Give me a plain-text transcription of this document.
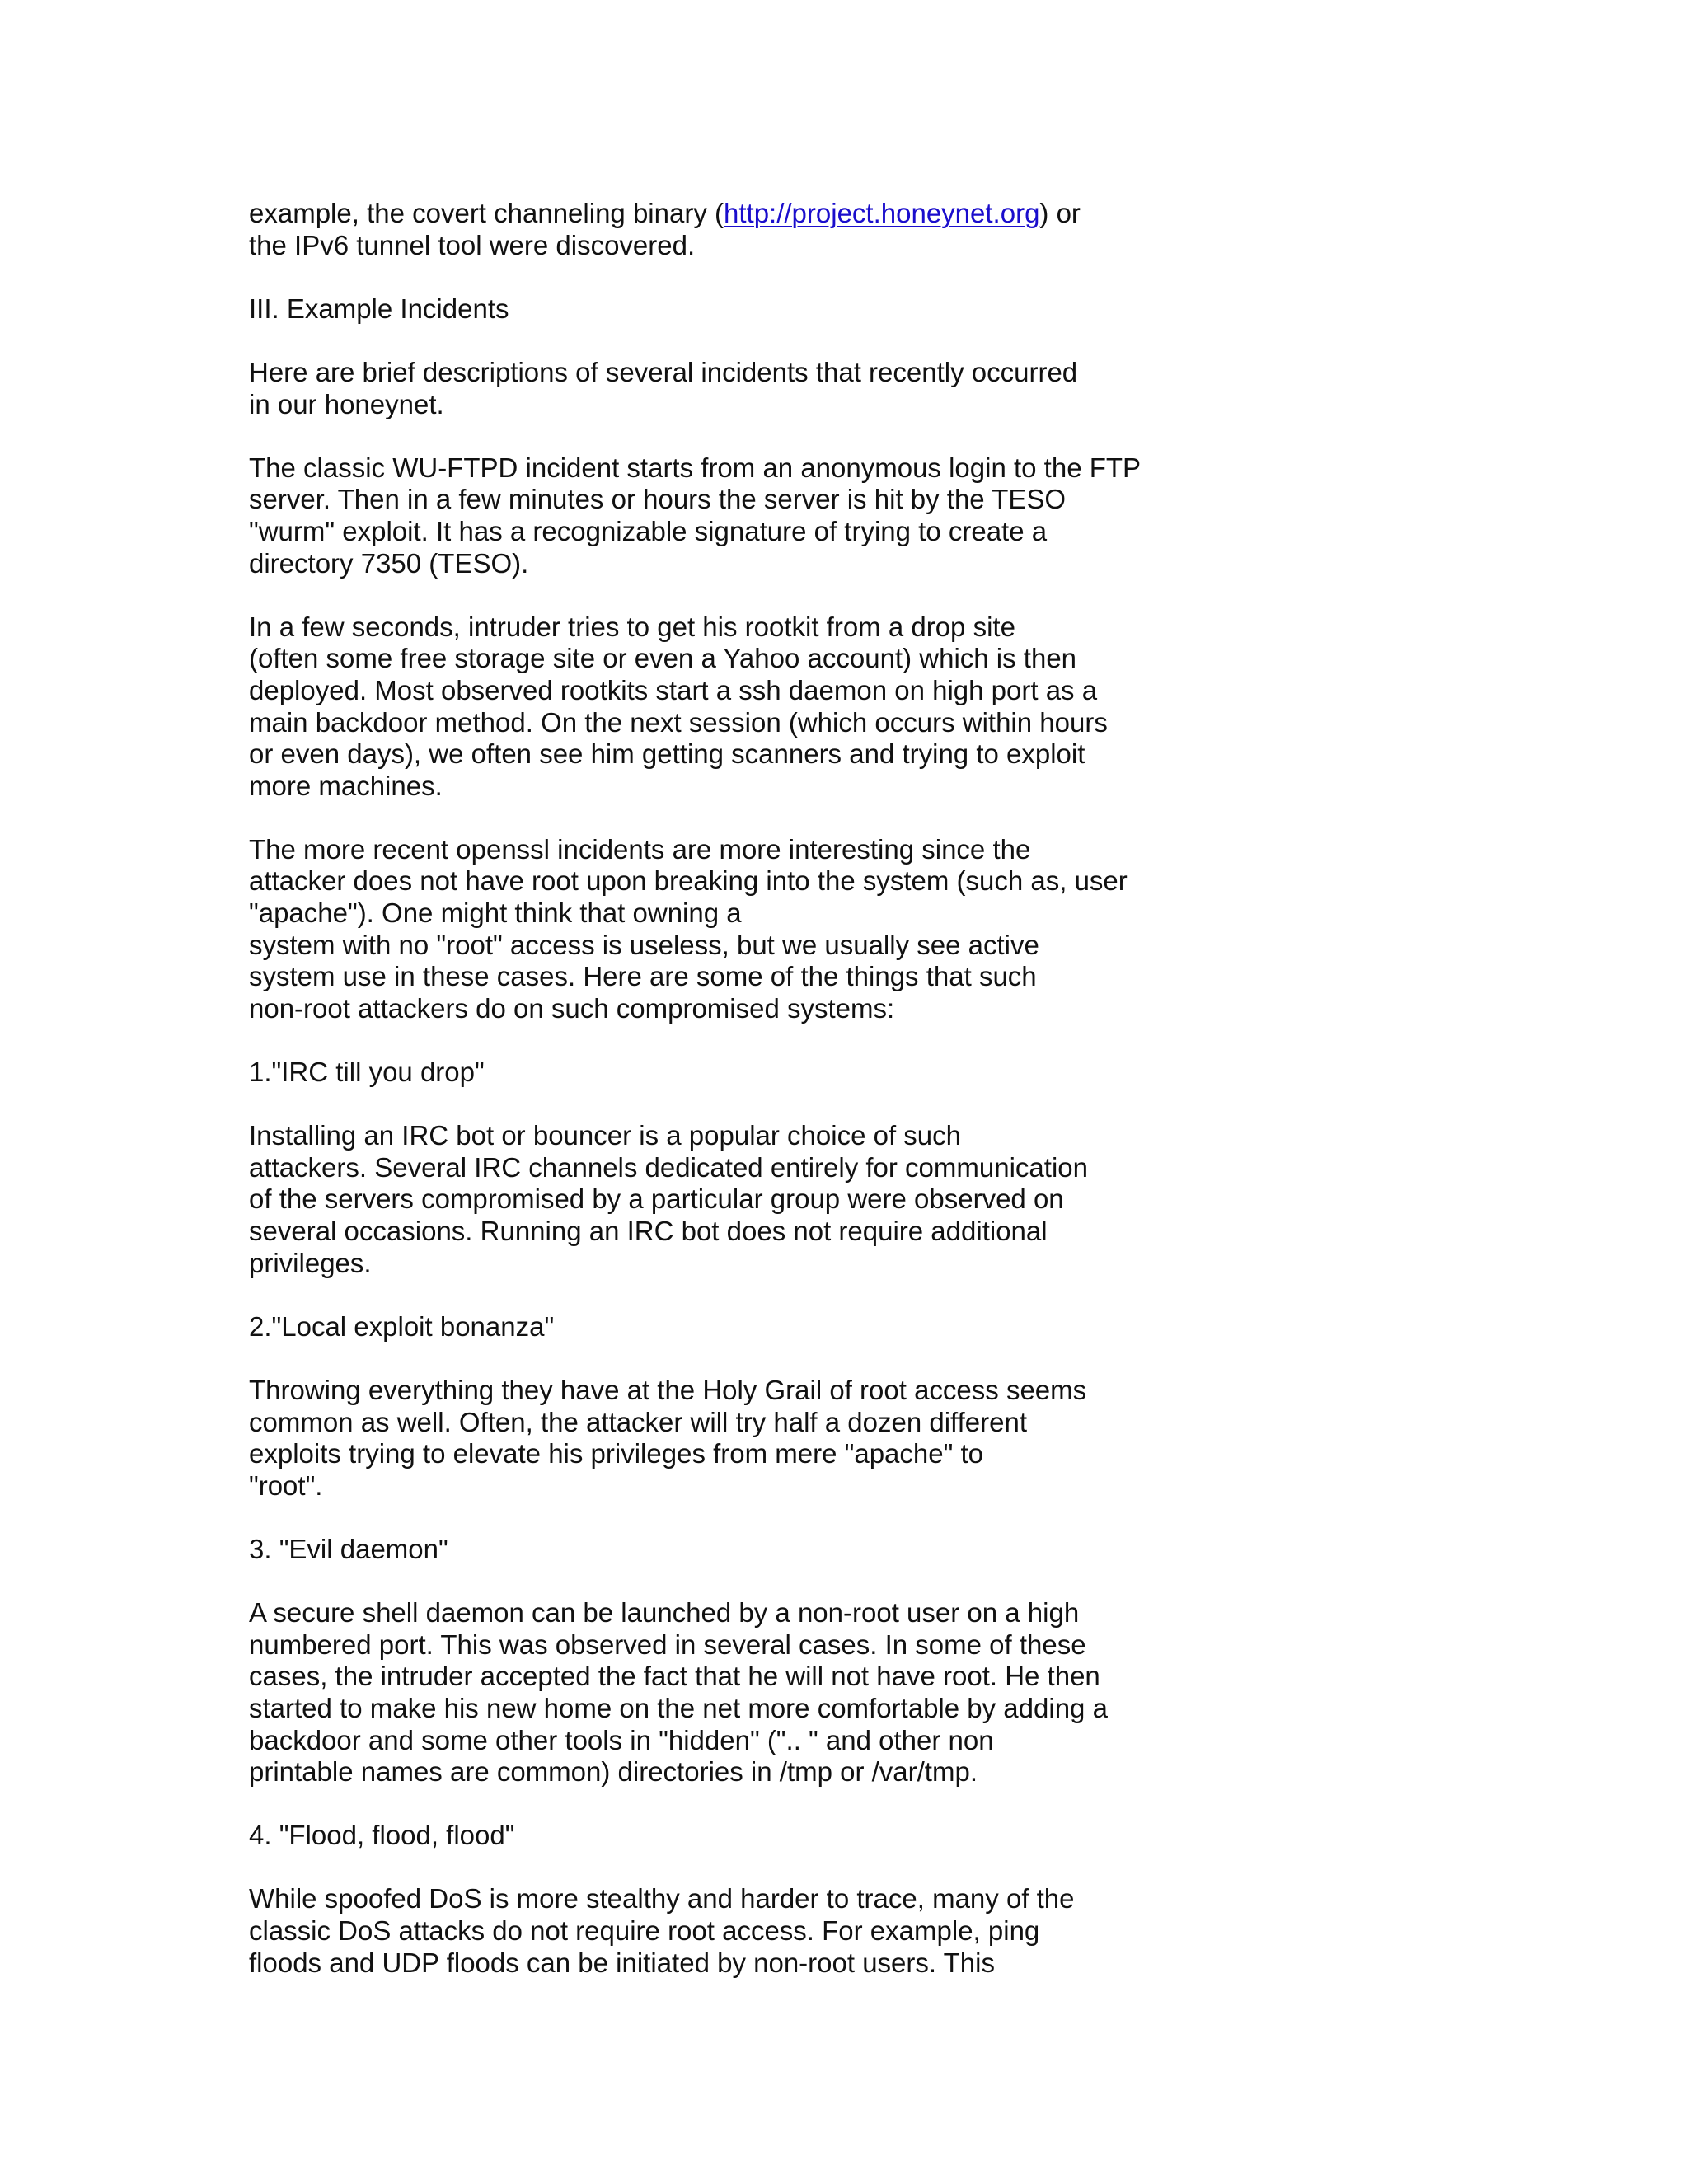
example, the covert channeling binary (http://project.honeynet.org) or
the IPv6 tunnel tool were discovered.
III. Example Incidents
Here are brief descriptions of several incidents that recently occurred
in our honeynet.
The classic WU-FTPD incident starts from an anonymous login to the FTP
server. Then in a few minutes or hours the server is hit by the TESO
"wurm" exploit. It has a recognizable signature of trying to create a
directory 7350 (TESO).
In a few seconds, intruder tries to get his rootkit from a drop site
(often some free storage site or even a Yahoo account) which is then
deployed. Most observed rootkits start a ssh daemon on high port as a
main backdoor method. On the next session (which occurs within hours
or even days), we often see him getting scanners and trying to exploit
more machines.
The more recent openssl incidents are more interesting since the
attacker does not have root upon breaking into the system (such as, user
"apache"). One might think that owning a
system with no "root" access is useless, but we usually see active
system use in these cases. Here are some of the things that such
non-root attackers do on such compromised systems:
1."IRC till you drop"
Installing an IRC bot or bouncer is a popular choice of such
attackers. Several IRC channels dedicated entirely for communication
of the servers compromised by a particular group were observed on
several occasions. Running an IRC bot does not require additional
privileges.
2."Local exploit bonanza"
Throwing everything they have at the Holy Grail of root access seems
common as well. Often, the attacker will try half a dozen different
exploits trying to elevate his privileges from mere "apache" to
"root".
3. "Evil daemon"
A secure shell daemon can be launched by a non-root user on a high
numbered port. This was observed in several cases. In some of these
cases, the intruder accepted the fact that he will not have root. He then
started to make his new home on the net more comfortable by adding a
backdoor and some other tools in "hidden" (".. " and other non
printable names are common) directories in /tmp or /var/tmp.
4. "Flood, flood, flood"
While spoofed DoS is more stealthy and harder to trace, many of the
classic DoS attacks do not require root access. For example, ping
floods and UDP floods can be initiated by non-root users. This
